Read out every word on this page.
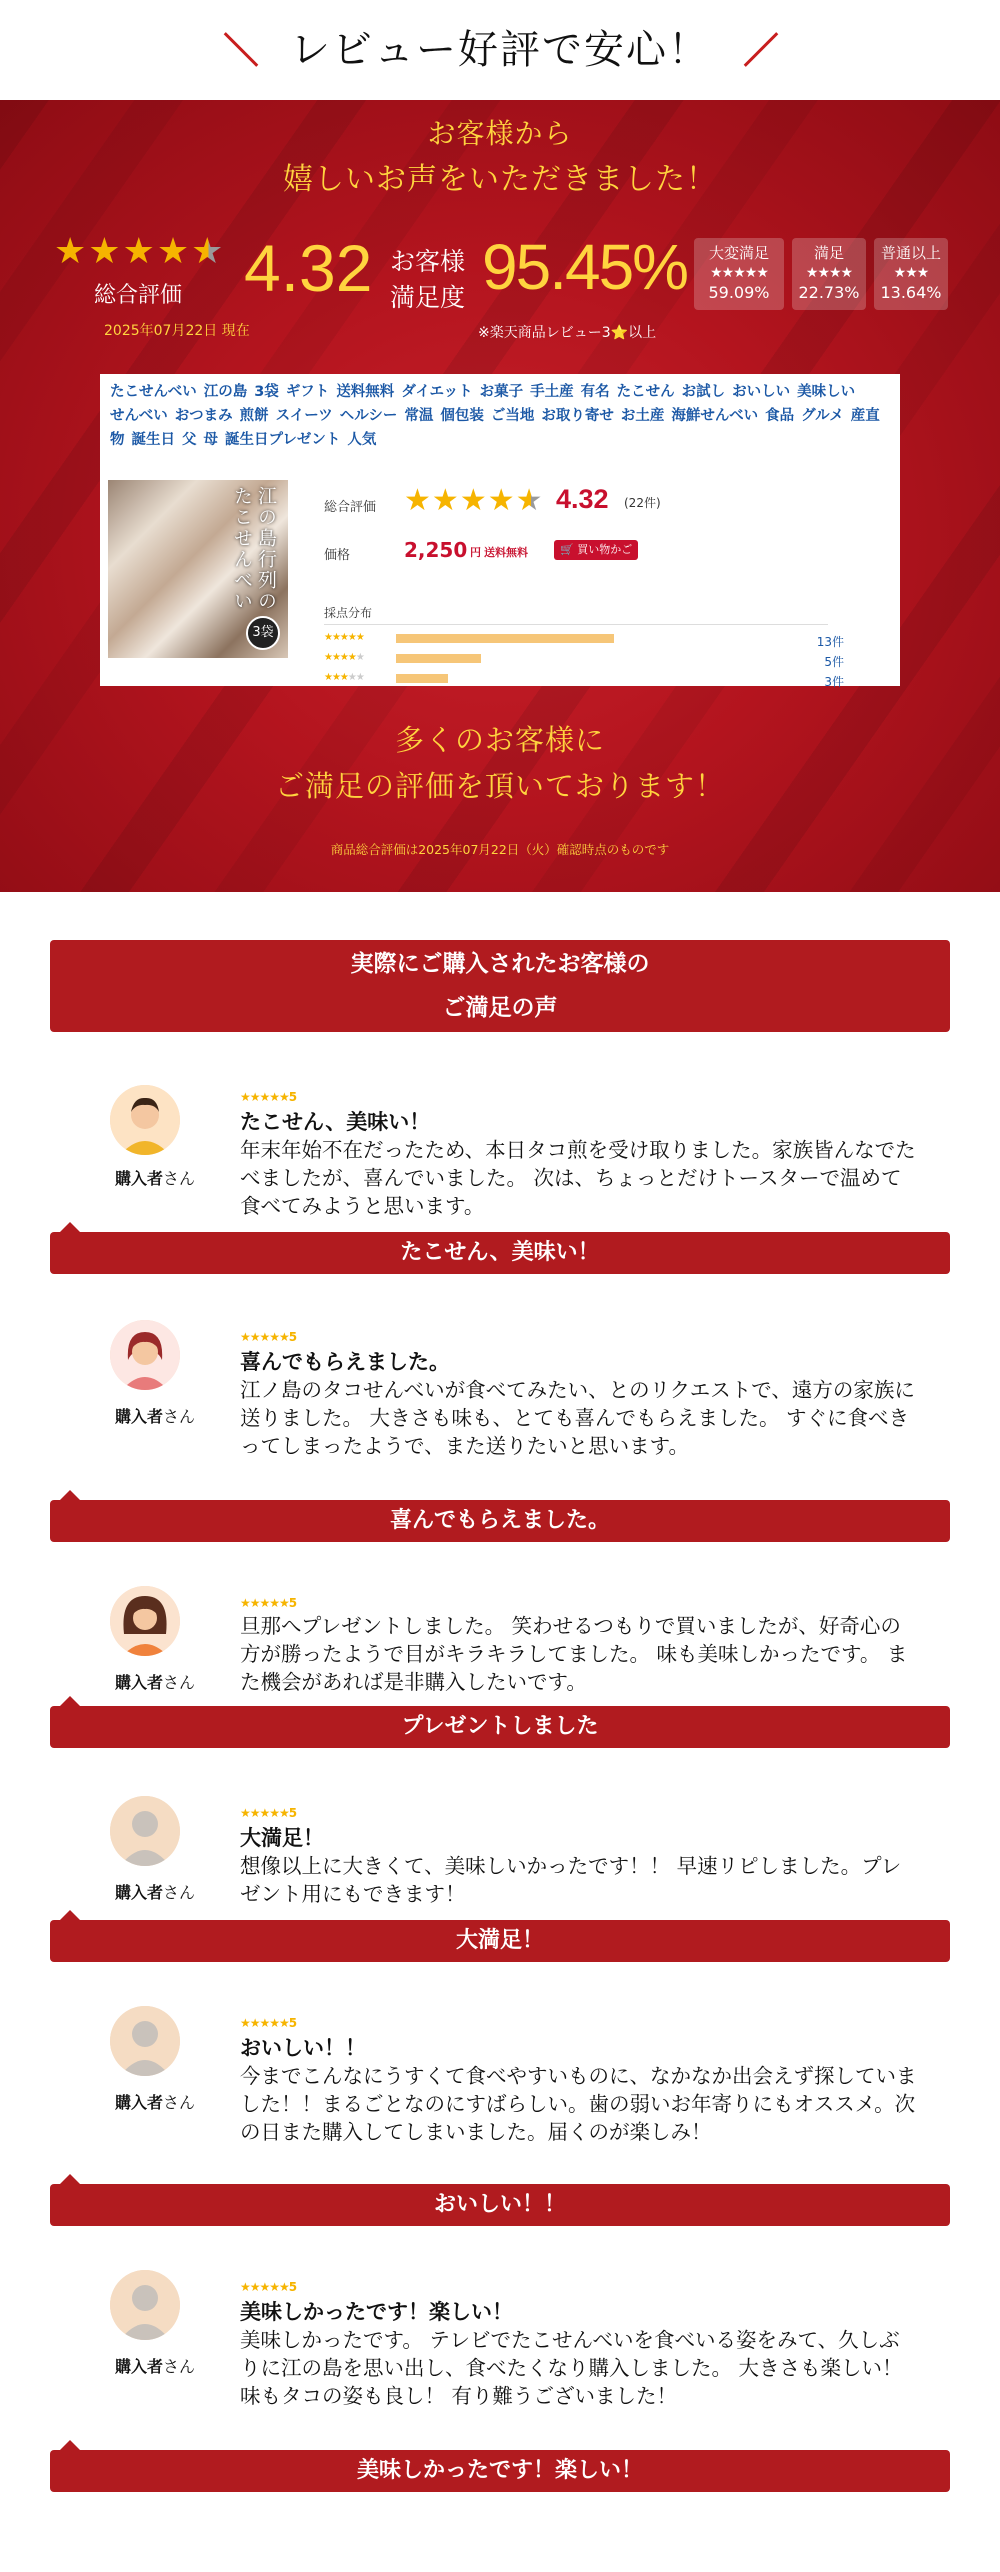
レビュー好評で安心！
お客様から
嬉しいお声をいただきました！
★ ★ ★ ★ ★
総合評価
2025年07月22日 現在
4.32 お客様
満足度 95.45%
※楽天商品レビュー3⭐以上
大変満足
★★★★★
59.09%
満足
★★★★
22.73%
普通以上
★★★
13.64%
たこせんべい 江の島 3袋 ギフト 送料無料 ダイエット お菓子 手土産 有名 たこせん お試し おいしい 美味しいせんべい おつまみ 煎餅 スイーツ ヘルシー 常温 個包装 ご当地 お取り寄せ お土産 海鮮せんべい 食品 グルメ 産直物 誕生日 父 母 誕生日プレゼント 人気
江の島行列の
たこせんべい
3袋
総合評価 ★ ★ ★ ★ ★ 4.32 (22件)
価格	2,250 円 送料無料	🛒 買い物かご
採点分布
★★★★★	13件
★★★★★	5件
★★★★★	3件
多くのお客様に
ご満足の評価を頂いております！
商品総合評価は2025年07月22日（火）確認時点のものです
実際にご購入されたお客様の
ご満足の声
購入者さん
★★★★★5
たこせん、美味い！
年末年始不在だったため、本日タコ煎を受け取りました。家族皆んなでたべましたが、喜んでいました。 次は、ちょっとだけトースターで温めて食べてみようと思います。
たこせん、美味い！
購入者さん
★★★★★5
喜んでもらえました。
江ノ島のタコせんべいが食べてみたい、とのリクエストで、遠方の家族に送りました。 大きさも味も、とても喜んでもらえました。 すぐに食べきってしまったようで、また送りたいと思います。
喜んでもらえました。
購入者さん
★★★★★5
旦那へプレゼントしました。 笑わせるつもりで買いましたが、好奇心の方が勝ったようで目がキラキラしてました。 味も美味しかったです。 また機会があれば是非購入したいです。
プレゼントしました
購入者さん
★★★★★5
大満足！
想像以上に大きくて、美味しいかったです！！ 早速リピしました。プレゼント用にもできます！
大満足！
購入者さん
★★★★★5
おいしい！！
今までこんなにうすくて食べやすいものに、なかなか出会えず探していました！！まるごとなのにすばらしい。歯の弱いお年寄りにもオススメ。次の日また購入してしまいました。届くのが楽しみ！
おいしい！！
購入者さん
★★★★★5
美味しかったです！楽しい！
美味しかったです。 テレビでたこせんべいを食べいる姿をみて、久しぶりに江の島を思い出し、食べたくなり購入しました。 大きさも楽しい！ 味もタコの姿も良し！ 有り難うございました！
美味しかったです！楽しい！
